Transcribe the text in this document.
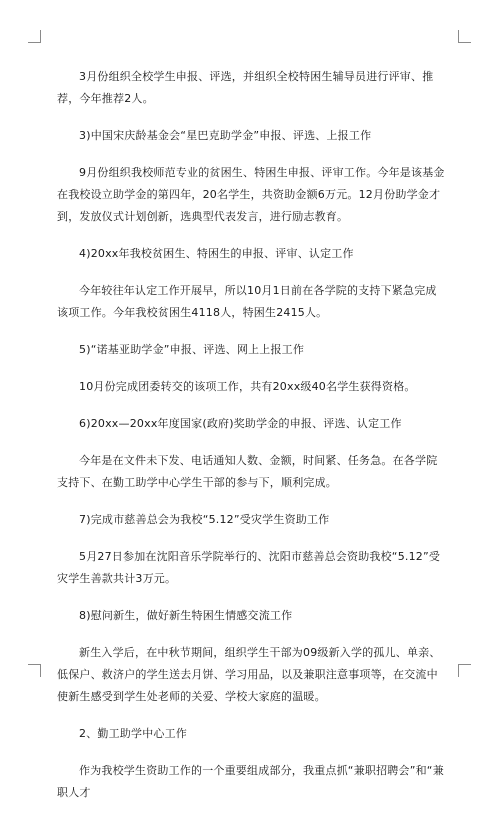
3月份组织全校学生申报、评选，并组织全校特困生辅导员进行评审、推荐，今年推荐2人。

3)中国宋庆龄基金会“星巴克助学金”申报、评选、上报工作

9月份组织我校师范专业的贫困生、特困生申报、评审工作。今年是该基金在我校设立助学金的第四年，20名学生，共资助金额6万元。12月份助学金才到，发放仪式计划创新，选典型代表发言，进行励志教育。

4)20xx年我校贫困生、特困生的申报、评审、认定工作

今年较往年认定工作开展早，所以10月1日前在各学院的支持下紧急完成该项工作。今年我校贫困生4118人，特困生2415人。

5)“诺基亚助学金”申报、评选、网上上报工作

10月份完成团委转交的该项工作，共有20xx级40名学生获得资格。

6)20xx—20xx年度国家(政府)奖助学金的申报、评选、认定工作

今年是在文件未下发、电话通知人数、金额，时间紧、任务急。在各学院支持下、在勤工助学中心学生干部的参与下，顺利完成。

7)完成市慈善总会为我校“5.12”受灾学生资助工作

5月27日参加在沈阳音乐学院举行的、沈阳市慈善总会资助我校“5.12”受灾学生善款共计3万元。

8)慰问新生，做好新生特困生情感交流工作

新生入学后，在中秋节期间，组织学生干部为09级新入学的孤儿、单亲、低保户、救济户的学生送去月饼、学习用品，以及兼职注意事项等，在交流中使新生感受到学生处老师的关爱、学校大家庭的温暖。

2、勤工助学中心工作

作为我校学生资助工作的一个重要组成部分，我重点抓“兼职招聘会”和“兼职人才
